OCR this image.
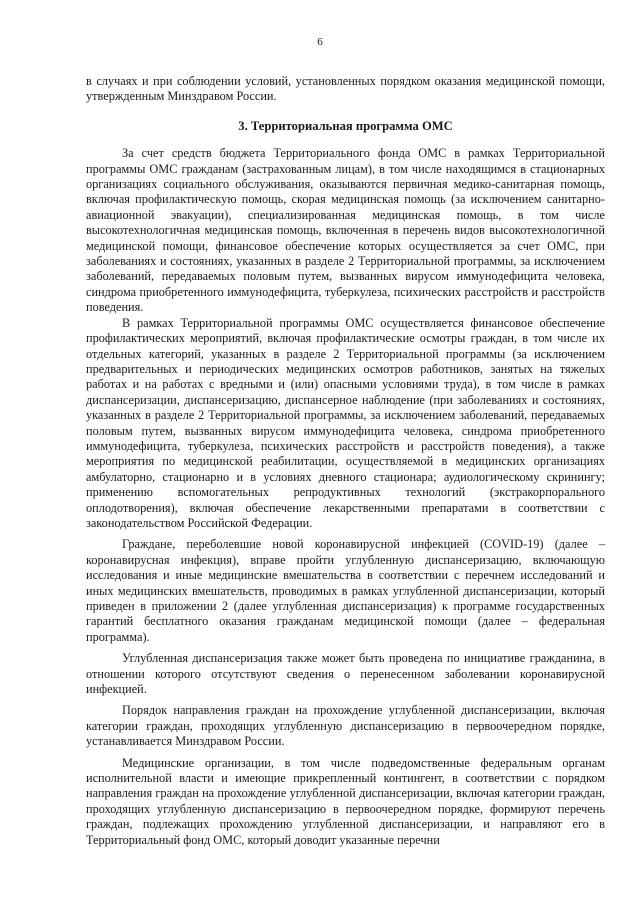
6

в случаях и при соблюдении условий, установленных порядком оказания медицинской помощи, утвержденным Минздравом России.

3. Территориальная программа ОМС

За счет средств бюджета Территориального фонда ОМС в рамках Территориальной программы ОМС гражданам (застрахованным лицам), в том числе находящимся в стационарных организациях социального обслуживания, оказываются первичная медико-санитарная помощь, включая профилактическую помощь, скорая медицинская помощь (за исключением санитарно-авиационной эвакуации), специализированная медицинская помощь, в том числе высокотехнологичная медицинская помощь, включенная в перечень видов высокотехнологичной медицинской помощи, финансовое обеспечение которых осуществляется за счет ОМС, при заболеваниях и состояниях, указанных в разделе 2 Территориальной программы, за исключением заболеваний, передаваемых половым путем, вызванных вирусом иммунодефицита человека, синдрома приобретенного иммунодефицита, туберкулеза, психических расстройств и расстройств поведения.

В рамках Территориальной программы ОМС осуществляется финансовое обеспечение профилактических мероприятий, включая профилактические осмотры граждан, в том числе их отдельных категорий, указанных в разделе 2 Территориальной программы (за исключением предварительных и периодических медицинских осмотров работников, занятых на тяжелых работах и на работах с вредными и (или) опасными условиями труда), в том числе в рамках диспансеризации, диспансеризацию, диспансерное наблюдение (при заболеваниях и состояниях, указанных в разделе 2 Территориальной программы, за исключением заболеваний, передаваемых половым путем, вызванных вирусом иммунодефицита человека, синдрома приобретенного иммунодефицита, туберкулеза, психических расстройств и расстройств поведения), а также мероприятия по медицинской реабилитации, осуществляемой в медицинских организациях амбулаторно, стационарно и в условиях дневного стационара; аудиологическому скринингу; применению вспомогательных репродуктивных технологий (экстракорпорального оплодотворения), включая обеспечение лекарственными препаратами в соответствии с законодательством Российской Федерации.

Граждане, переболевшие новой коронавирусной инфекцией (COVID-19) (далее – коронавирусная инфекция), вправе пройти углубленную диспансеризацию, включающую исследования и иные медицинские вмешательства в соответствии с перечнем исследований и иных медицинских вмешательств, проводимых в рамках углубленной диспансеризации, который приведен в приложении 2 (далее углубленная диспансеризация) к программе государственных гарантий бесплатного оказания гражданам медицинской помощи (далее – федеральная программа).

Углубленная диспансеризация также может быть проведена по инициативе гражданина, в отношении которого отсутствуют сведения о перенесенном заболевании коронавирусной инфекцией.

Порядок направления граждан на прохождение углубленной диспансеризации, включая категории граждан, проходящих углубленную диспансеризацию в первоочередном порядке, устанавливается Минздравом России.

Медицинские организации, в том числе подведомственные федеральным органам исполнительной власти и имеющие прикрепленный контингент, в соответствии с порядком направления граждан на прохождение углубленной диспансеризации, включая категории граждан, проходящих углубленную диспансеризацию в первоочередном порядке, формируют перечень граждан, подлежащих прохождению углубленной диспансеризации, и направляют его в Территориальный фонд ОМС, который доводит указанные перечни
